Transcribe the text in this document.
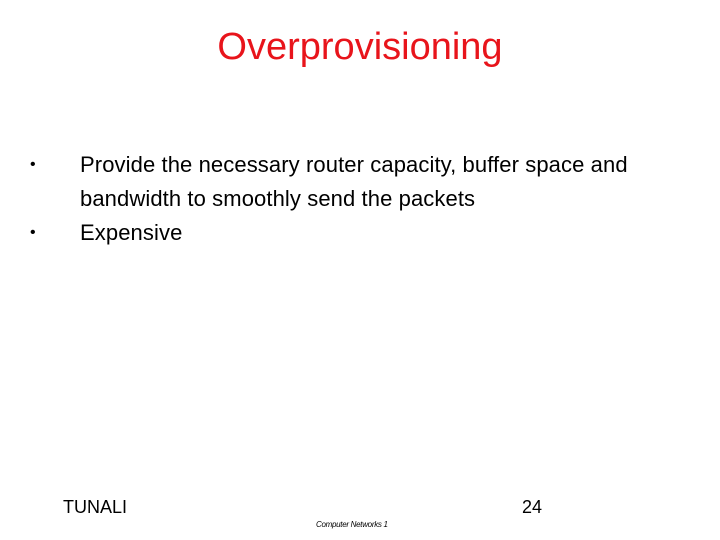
Overprovisioning
•	Provide the necessary router capacity, buffer space and bandwidth to smoothly send the packets
•	Expensive
TUNALI	24
Computer Networks 1
